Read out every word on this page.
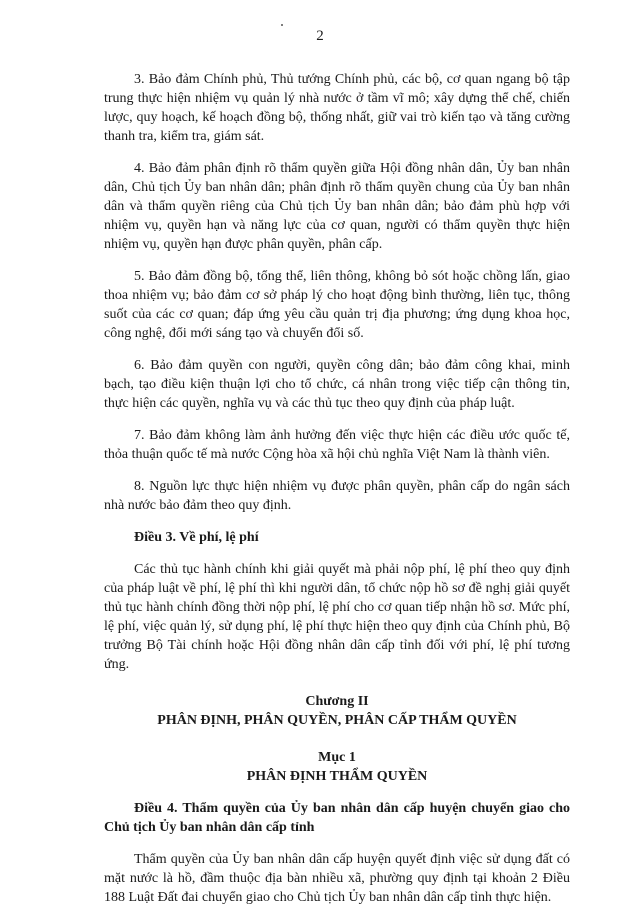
2

3. Bảo đảm Chính phủ, Thủ tướng Chính phủ, các bộ, cơ quan ngang bộ tập trung thực hiện nhiệm vụ quản lý nhà nước ở tầm vĩ mô; xây dựng thể chế, chiến lược, quy hoạch, kế hoạch đồng bộ, thống nhất, giữ vai trò kiến tạo và tăng cường thanh tra, kiểm tra, giám sát.

4. Bảo đảm phân định rõ thẩm quyền giữa Hội đồng nhân dân, Ủy ban nhân dân, Chủ tịch Ủy ban nhân dân; phân định rõ thẩm quyền chung của Ủy ban nhân dân và thẩm quyền riêng của Chủ tịch Ủy ban nhân dân; bảo đảm phù hợp với nhiệm vụ, quyền hạn và năng lực của cơ quan, người có thẩm quyền thực hiện nhiệm vụ, quyền hạn được phân quyền, phân cấp.

5. Bảo đảm đồng bộ, tổng thể, liên thông, không bỏ sót hoặc chồng lấn, giao thoa nhiệm vụ; bảo đảm cơ sở pháp lý cho hoạt động bình thường, liên tục, thông suốt của các cơ quan; đáp ứng yêu cầu quản trị địa phương; ứng dụng khoa học, công nghệ, đổi mới sáng tạo và chuyển đổi số.

6. Bảo đảm quyền con người, quyền công dân; bảo đảm công khai, minh bạch, tạo điều kiện thuận lợi cho tổ chức, cá nhân trong việc tiếp cận thông tin, thực hiện các quyền, nghĩa vụ và các thủ tục theo quy định của pháp luật.

7. Bảo đảm không làm ảnh hưởng đến việc thực hiện các điều ước quốc tế, thỏa thuận quốc tế mà nước Cộng hòa xã hội chủ nghĩa Việt Nam là thành viên.

8. Nguồn lực thực hiện nhiệm vụ được phân quyền, phân cấp do ngân sách nhà nước bảo đảm theo quy định.

Điều 3. Về phí, lệ phí

Các thủ tục hành chính khi giải quyết mà phải nộp phí, lệ phí theo quy định của pháp luật về phí, lệ phí thì khi người dân, tổ chức nộp hồ sơ đề nghị giải quyết thủ tục hành chính đồng thời nộp phí, lệ phí cho cơ quan tiếp nhận hồ sơ. Mức phí, lệ phí, việc quản lý, sử dụng phí, lệ phí thực hiện theo quy định của Chính phủ, Bộ trưởng Bộ Tài chính hoặc Hội đồng nhân dân cấp tỉnh đối với phí, lệ phí tương ứng.

Chương II

PHÂN ĐỊNH, PHÂN QUYỀN, PHÂN CẤP THẨM QUYỀN

Mục 1

PHÂN ĐỊNH THẨM QUYỀN

Điều 4. Thẩm quyền của Ủy ban nhân dân cấp huyện chuyển giao cho Chủ tịch Ủy ban nhân dân cấp tỉnh

Thẩm quyền của Ủy ban nhân dân cấp huyện quyết định việc sử dụng đất có mặt nước là hồ, đầm thuộc địa bàn nhiều xã, phường quy định tại khoản 2 Điều 188 Luật Đất đai chuyển giao cho Chủ tịch Ủy ban nhân dân cấp tỉnh thực hiện.
